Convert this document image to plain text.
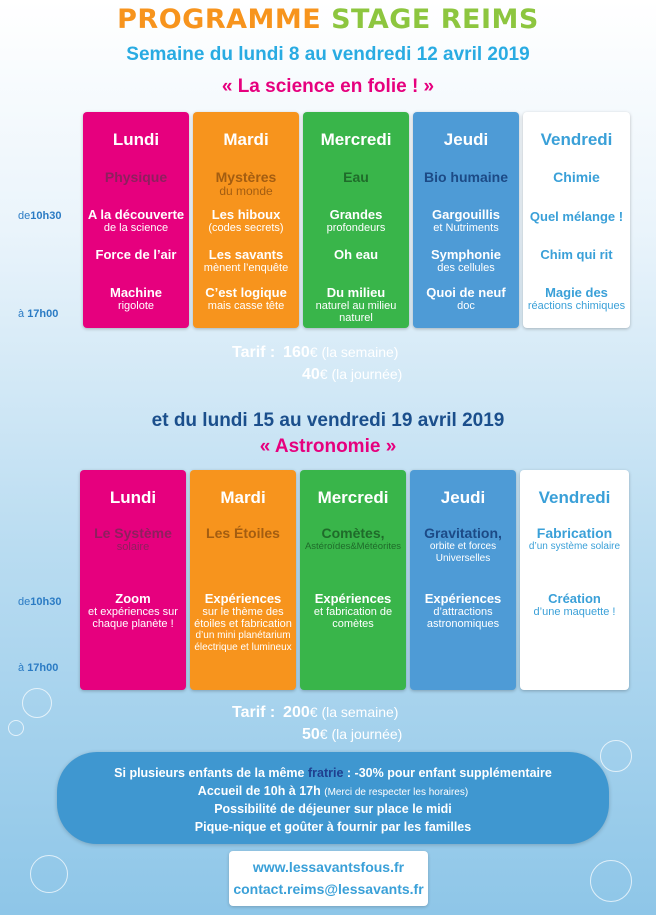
PROGRAMME STAGE REIMS

Semaine du lundi 8 au vendredi 12 avril 2019

« La science en folie ! »

de10h30
à 17h00
Lundi
Physique
A la découverte
de la science
Force de l’air
Machine
rigolote
Mardi
Mystères
du monde
Les hiboux
(codes secrets)
Les savants
mènent l’enquête
C’est logique
mais casse tête
Mercredi
Eau
Grandes
profondeurs
Oh eau
Du milieu
naturel au milieu
naturel
Jeudi
Bio humaine
Gargouillis
et Nutriments
Symphonie
des cellules
Quoi de neuf
doc
Vendredi
Chimie
Quel mélange !
Chim qui rit
Magie des
réactions chimiques
Tarif : 160€ (la semaine)
40€ (la journée)

et du lundi 15 au vendredi 19 avril 2019

« Astronomie »

de10h30
à 17h00
Lundi
Le Système
solaire
Zoom
et expériences sur
chaque planète !
Mardi
Les Étoiles
Expériences
sur le thème des
étoiles et fabrication
d’un mini planétarium
électrique et lumineux
Mercredi
Comètes,
Astéroïdes&Météorites
Expériences
et fabrication de
comètes
Jeudi
Gravitation,
orbite et forces
Universelles
Expériences
d’attractions
astronomiques
Vendredi
Fabrication
d’un système solaire
Création
d’une maquette !
Tarif : 200€ (la semaine)
50€ (la journée)
Si plusieurs enfants de la même fratrie : -30% pour enfant supplémentaire
Accueil de 10h à 17h (Merci de respecter les horaires)
Possibilité de déjeuner sur place le midi
Pique-nique et goûter à fournir par les familles
www.lessavantsfous.fr
contact.reims@lessavants.fr
